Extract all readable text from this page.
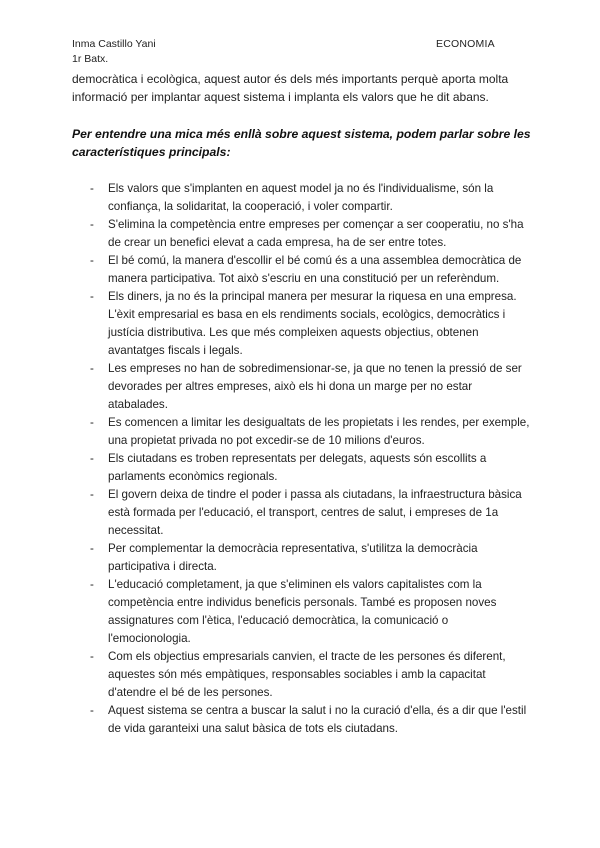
Inma Castillo Yani
1r Batx.
ECONOMIA

democràtica i ecològica, aquest autor és dels més importants perquè aporta molta informació per implantar aquest sistema i implanta els valors que he dit abans.

Per entendre una mica més enllà sobre aquest sistema, podem parlar sobre les característiques principals:

- Els valors que s'implanten en aquest model ja no és l'individualisme, són la confiança, la solidaritat, la cooperació, i voler compartir.
- S'elimina la competència entre empreses per començar a ser cooperatiu, no s'ha de crear un benefici elevat a cada empresa, ha de ser entre totes.
- El bé comú, la manera d'escollir el bé comú és a una assemblea democràtica de manera participativa. Tot això s'escriu en una constitució per un referèndum.
- Els diners, ja no és la principal manera per mesurar la riquesa en una empresa. L'èxit empresarial es basa en els rendiments socials, ecològics, democràtics i justícia distributiva. Les que més compleixen aquests objectius, obtenen avantatges fiscals i legals.
- Les empreses no han de sobredimensionar-se, ja que no tenen la pressió de ser devorades per altres empreses, això els hi dona un marge per no estar atabalades.
- Es comencen a limitar les desigualtats de les propietats i les rendes, per exemple, una propietat privada no pot excedir-se de 10 milions d'euros.
- Els ciutadans es troben representats per delegats, aquests són escollits a parlaments econòmics regionals.
- El govern deixa de tindre el poder i passa als ciutadans, la infraestructura bàsica està formada per l'educació, el transport, centres de salut, i empreses de 1a necessitat.
- Per complementar la democràcia representativa, s'utilitza la democràcia participativa i directa.
- L'educació completament, ja que s'eliminen els valors capitalistes com la competència entre individus beneficis personals. També es proposen noves assignatures com l'ètica, l'educació democràtica, la comunicació o l'emocionologia.
- Com els objectius empresarials canvien, el tracte de les persones és diferent, aquestes són més empàtiques, responsables sociables i amb la capacitat d'atendre el bé de les persones.
- Aquest sistema se centra a buscar la salut i no la curació d'ella, és a dir que l'estil de vida garanteixi una salut bàsica de tots els ciutadans.
